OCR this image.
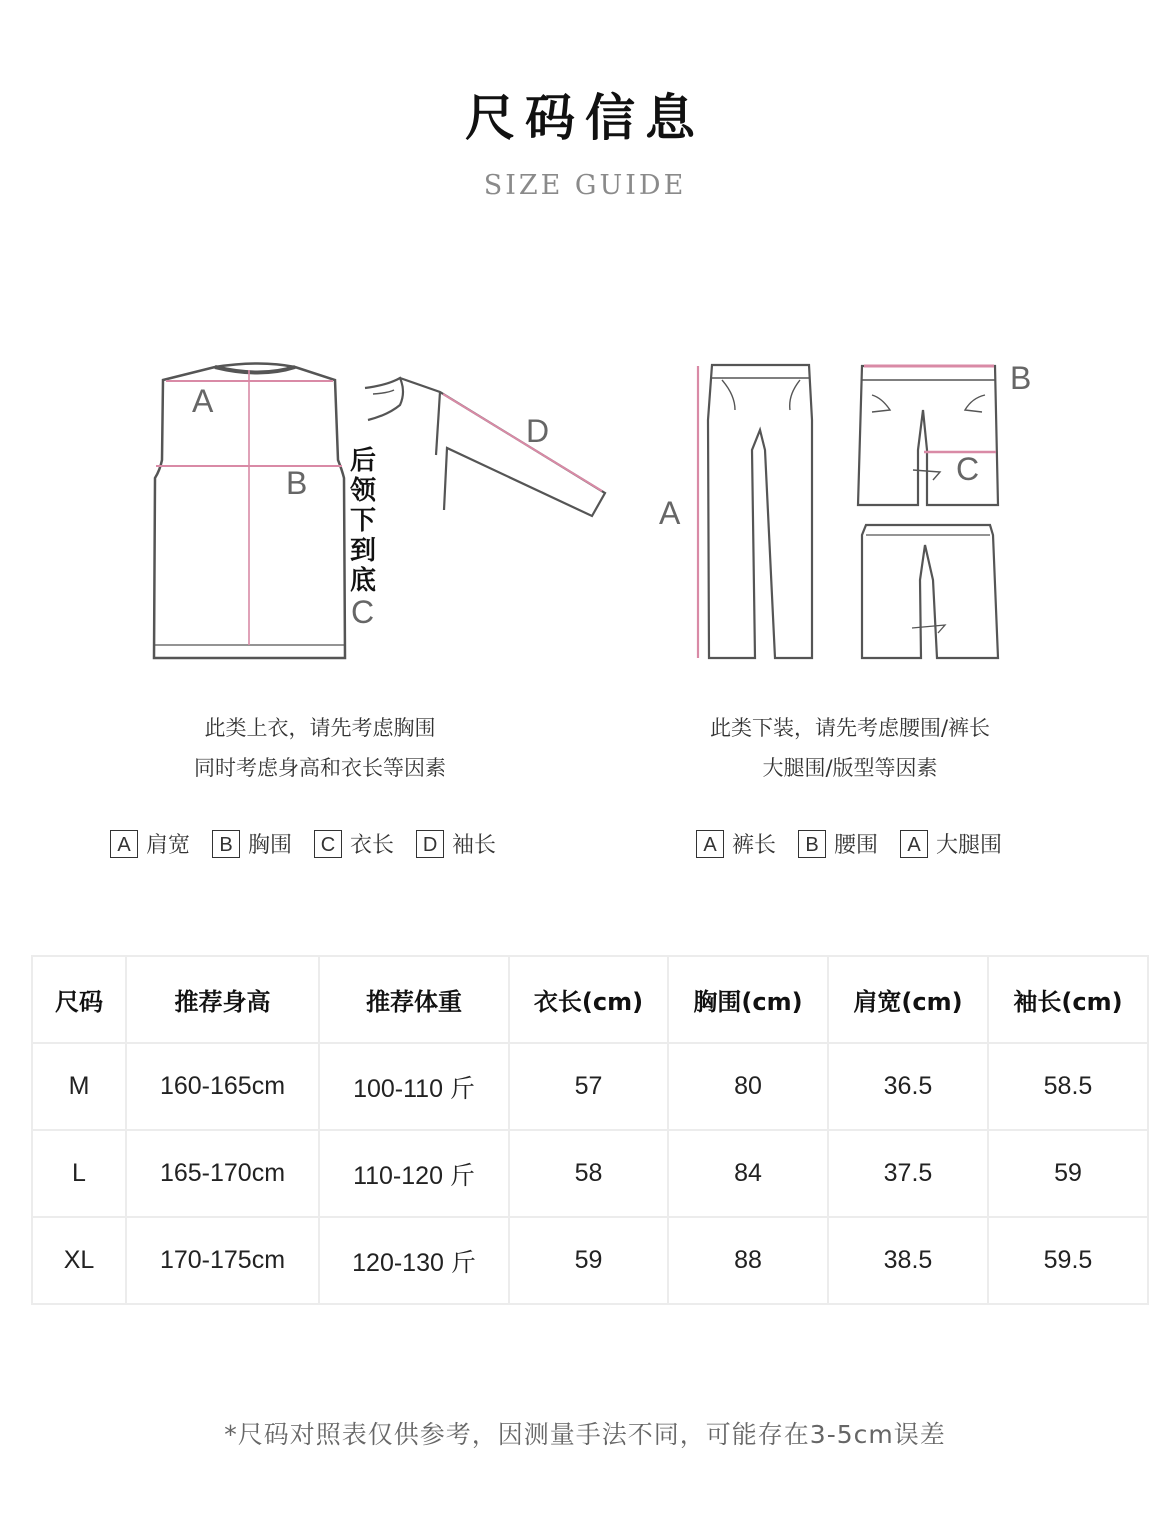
尺码信息
SIZE GUIDE
A
B
C
D
后
领
下
到
底
A
B
C
此类上衣，请先考虑胸围
同时考虑身高和衣长等因素
此类下装，请先考虑腰围/裤长
大腿围/版型等因素
A 肩宽	B 胸围	C 衣长	D 袖长	A 裤长	B 腰围	A 大腿围
尺码	推荐身高	推荐体重	衣长(cm)	胸围(cm)	肩宽(cm)	袖长(cm)
M	160-165cm	100-110 斤	57	80	36.5	58.5
L	165-170cm	110-120 斤	58	84	37.5	59
XL	170-175cm	120-130 斤	59	88	38.5	59.5
*尺码对照表仅供参考，因测量手法不同，可能存在3-5cm误差
